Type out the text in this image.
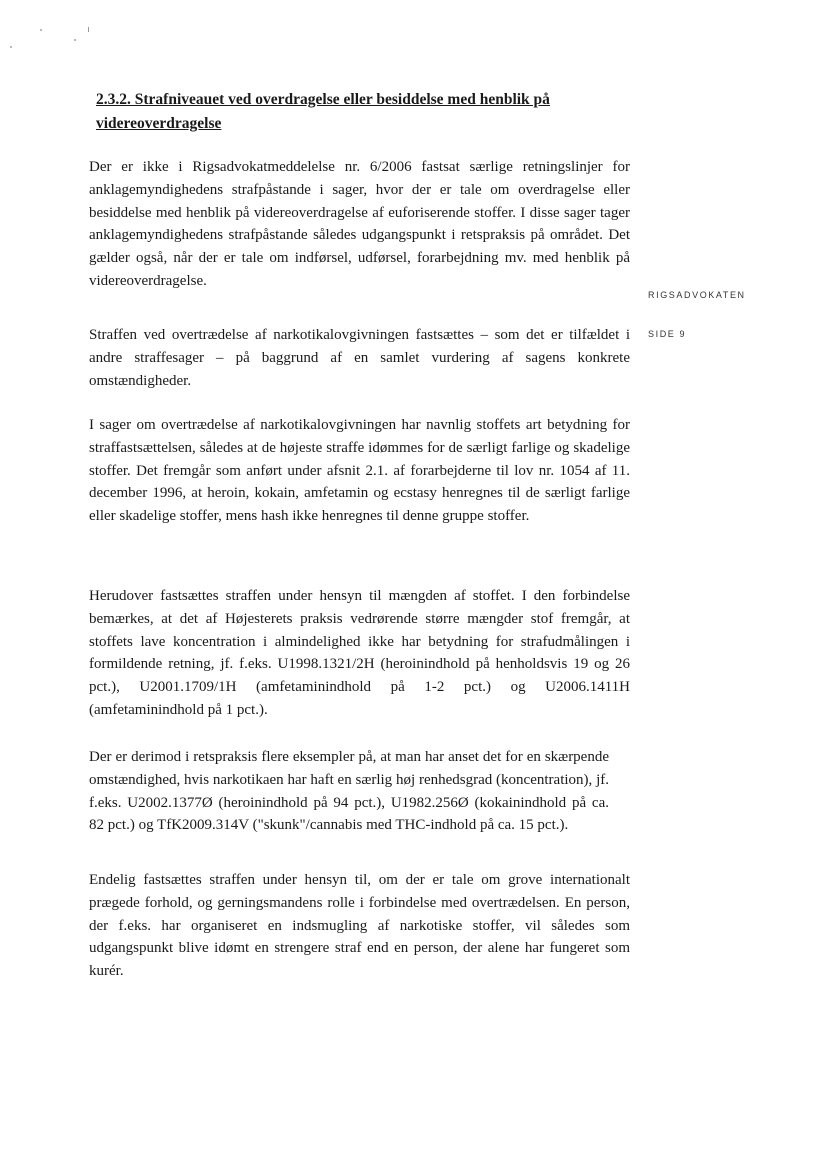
2.3.2. Strafniveauet ved overdragelse eller besiddelse med henblik på videreoverdragelse

Der er ikke i Rigsadvokatmeddelelse nr. 6/2006 fastsat særlige retningslinjer for anklagemyndighedens strafpåstande i sager, hvor der er tale om overdragelse eller besiddelse med henblik på videreoverdragelse af euforiserende stoffer. I disse sager tager anklagemyndighedens strafpåstande således udgangspunkt i retspraksis på området. Det gælder også, når der er tale om indførsel, udførsel, forarbejdning mv. med henblik på videreoverdragelse.

Straffen ved overtrædelse af narkotikalovgivningen fastsættes – som det er tilfældet i andre straffesager – på baggrund af en samlet vurdering af sagens konkrete omstændigheder.

I sager om overtrædelse af narkotikalovgivningen har navnlig stoffets art betydning for straffastsættelsen, således at de højeste straffe idømmes for de særligt farlige og skadelige stoffer. Det fremgår som anført under afsnit 2.1. af forarbejderne til lov nr. 1054 af 11. december 1996, at heroin, kokain, amfetamin og ecstasy henregnes til de særligt farlige eller skadelige stoffer, mens hash ikke henregnes til denne gruppe stoffer.

Herudover fastsættes straffen under hensyn til mængden af stoffet. I den forbindelse bemærkes, at det af Højesterets praksis vedrørende større mængder stof fremgår, at stoffets lave koncentration i almindelighed ikke har betydning for strafudmålingen i formildende retning, jf. f.eks. U1998.1321/2H (heroinindhold på henholdsvis 19 og 26 pct.), U2001.1709/1H (amfetaminindhold på 1-2 pct.) og U2006.1411H (amfetaminindhold på 1 pct.).

Der er derimod i retspraksis flere eksempler på, at man har anset det for en skærpende omstændighed, hvis narkotikaen har haft en særlig høj renhedsgrad (koncentration), jf. f.eks. U2002.1377Ø (heroinindhold på 94 pct.), U1982.256Ø (kokainindhold på ca. 82 pct.) og TfK2009.314V ("skunk"/cannabis med THC-indhold på ca. 15 pct.).

Endelig fastsættes straffen under hensyn til, om der er tale om grove internationalt prægede forhold, og gerningsmandens rolle i forbindelse med overtrædelsen. En person, der f.eks. har organiseret en indsmugling af narkotiske stoffer, vil således som udgangspunkt blive idømt en strengere straf end en person, der alene har fungeret som kurér.

RIGSADVOKATEN
SIDE 9
